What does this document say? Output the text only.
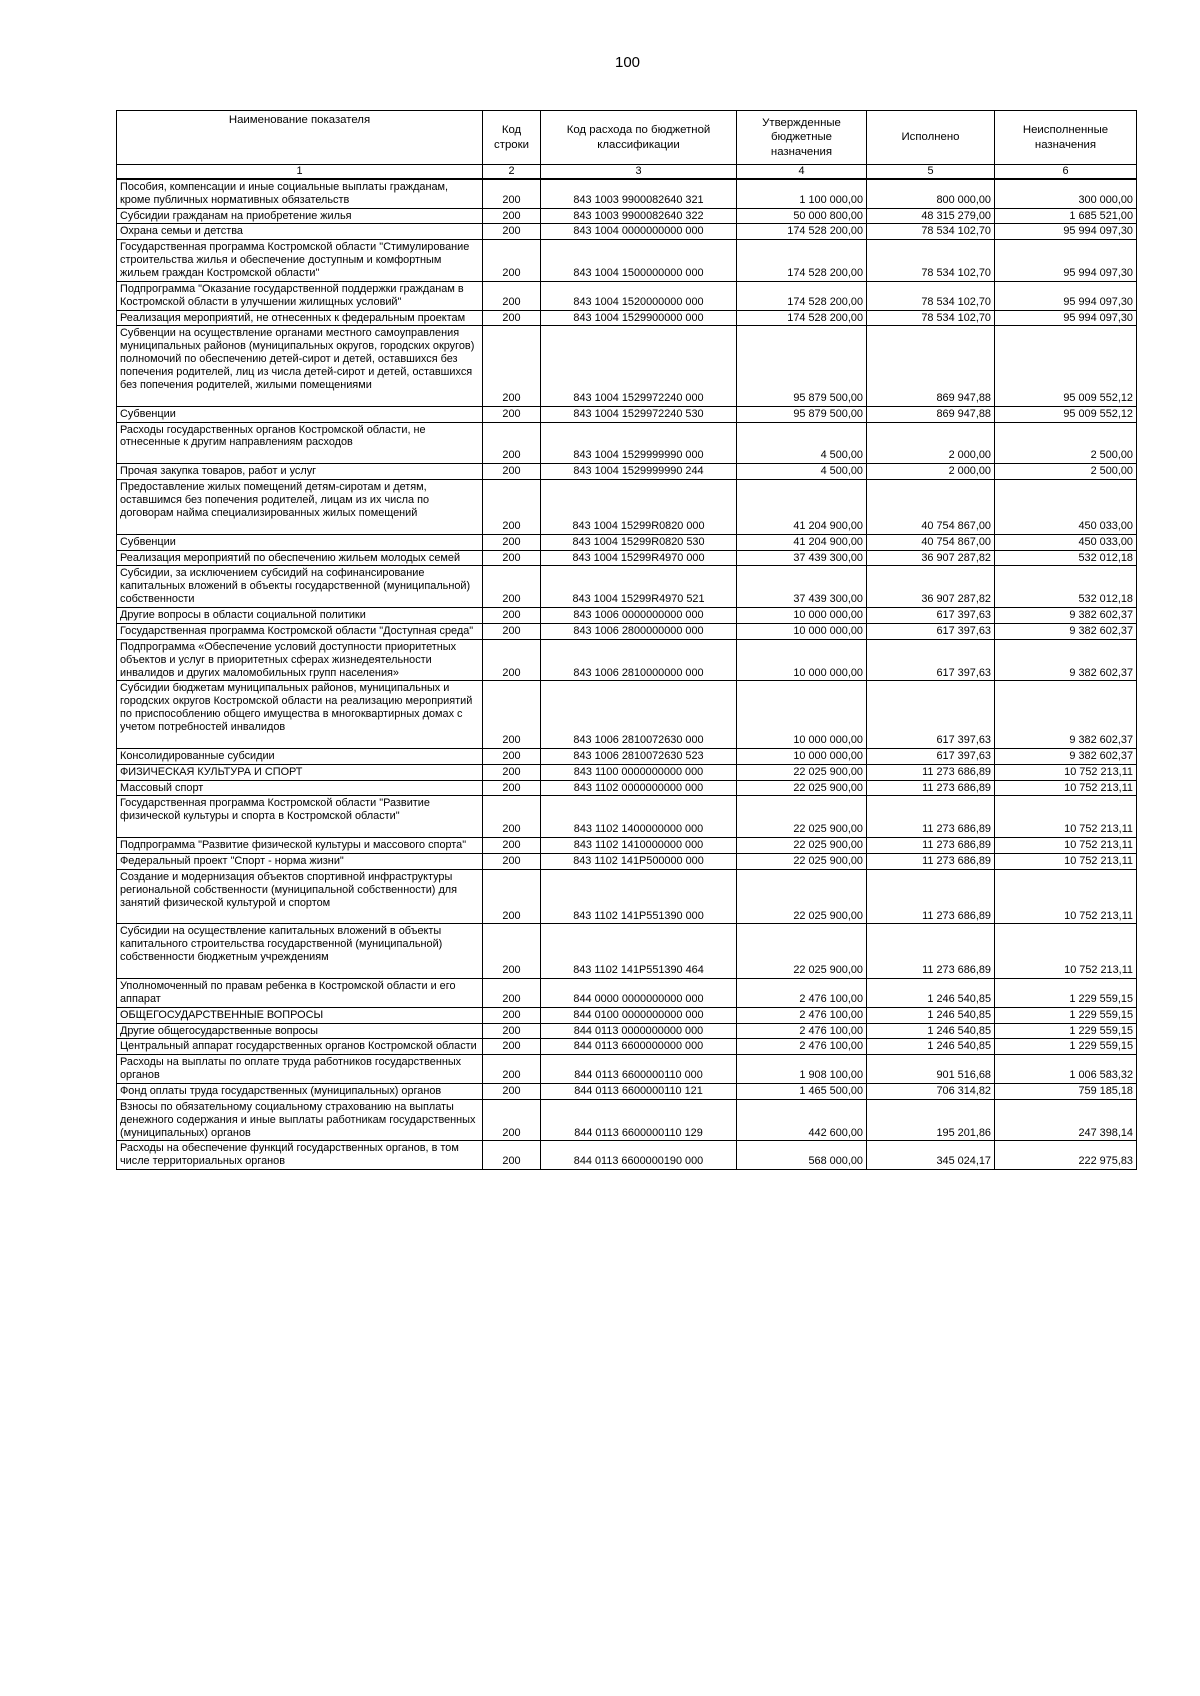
100
Наименование показателя	Код строки	Код расхода по бюджетной классификации	Утвержденные бюджетные назначения	Исполнено	Неисполненные назначения
1	2	3	4	5	6
Пособия, компенсации и иные социальные выплаты гражданам, кроме публичных нормативных обязательств	200	843 1003 9900082640 321	1 100 000,00	800 000,00	300 000,00
Субсидии гражданам на приобретение жилья	200	843 1003 9900082640 322	50 000 800,00	48 315 279,00	1 685 521,00
Охрана семьи и детства	200	843 1004 0000000000 000	174 528 200,00	78 534 102,70	95 994 097,30
Государственная программа Костромской области "Стимулирование строительства жилья и обеспечение доступным и комфортным жильем граждан Костромской области"	200	843 1004 1500000000 000	174 528 200,00	78 534 102,70	95 994 097,30
Подпрограмма "Оказание государственной поддержки гражданам в Костромской области в улучшении жилищных условий"	200	843 1004 1520000000 000	174 528 200,00	78 534 102,70	95 994 097,30
Реализация мероприятий, не отнесенных к федеральным проектам	200	843 1004 1529900000 000	174 528 200,00	78 534 102,70	95 994 097,30
Субвенции на осуществление органами местного самоуправления муниципальных районов (муниципальных округов, городских округов) полномочий по обеспечению детей-сирот и детей, оставшихся без попечения родителей, лиц из числа детей-сирот и детей, оставшихся без попечения родителей, жилыми помещениями	200	843 1004 1529972240 000	95 879 500,00	869 947,88	95 009 552,12
Субвенции	200	843 1004 1529972240 530	95 879 500,00	869 947,88	95 009 552,12
Расходы государственных органов Костромской области, не отнесенные к другим направлениям расходов	200	843 1004 1529999990 000	4 500,00	2 000,00	2 500,00
Прочая закупка товаров, работ и услуг	200	843 1004 1529999990 244	4 500,00	2 000,00	2 500,00
Предоставление жилых помещений детям-сиротам и детям, оставшимся без попечения родителей, лицам из их числа по договорам найма специализированных жилых помещений	200	843 1004 15299R0820 000	41 204 900,00	40 754 867,00	450 033,00
Субвенции	200	843 1004 15299R0820 530	41 204 900,00	40 754 867,00	450 033,00
Реализация мероприятий по обеспечению жильем молодых семей	200	843 1004 15299R4970 000	37 439 300,00	36 907 287,82	532 012,18
Субсидии, за исключением субсидий на софинансирование капитальных вложений в объекты государственной (муниципальной) собственности	200	843 1004 15299R4970 521	37 439 300,00	36 907 287,82	532 012,18
Другие вопросы в области социальной политики	200	843 1006 0000000000 000	10 000 000,00	617 397,63	9 382 602,37
Государственная программа Костромской области "Доступная среда"	200	843 1006 2800000000 000	10 000 000,00	617 397,63	9 382 602,37
Подпрограмма «Обеспечение условий доступности приоритетных объектов и услуг в приоритетных сферах жизнедеятельности инвалидов и других маломобильных групп населения»	200	843 1006 2810000000 000	10 000 000,00	617 397,63	9 382 602,37
Субсидии бюджетам муниципальных районов, муниципальных и городских округов Костромской области на реализацию мероприятий по приспособлению общего имущества в многоквартирных домах с учетом потребностей инвалидов	200	843 1006 2810072630 000	10 000 000,00	617 397,63	9 382 602,37
Консолидированные субсидии	200	843 1006 2810072630 523	10 000 000,00	617 397,63	9 382 602,37
ФИЗИЧЕСКАЯ КУЛЬТУРА И СПОРТ	200	843 1100 0000000000 000	22 025 900,00	11 273 686,89	10 752 213,11
Массовый спорт	200	843 1102 0000000000 000	22 025 900,00	11 273 686,89	10 752 213,11
Государственная программа Костромской области "Развитие физической культуры и спорта в Костромской области"	200	843 1102 1400000000 000	22 025 900,00	11 273 686,89	10 752 213,11
Подпрограмма "Развитие физической культуры и массового спорта"	200	843 1102 1410000000 000	22 025 900,00	11 273 686,89	10 752 213,11
Федеральный проект "Спорт - норма жизни"	200	843 1102 141P500000 000	22 025 900,00	11 273 686,89	10 752 213,11
Создание и модернизация объектов спортивной инфраструктуры региональной собственности (муниципальной собственности) для занятий физической культурой и спортом	200	843 1102 141P551390 000	22 025 900,00	11 273 686,89	10 752 213,11
Субсидии на осуществление капитальных вложений в объекты капитального строительства государственной (муниципальной) собственности бюджетным учреждениям	200	843 1102 141P551390 464	22 025 900,00	11 273 686,89	10 752 213,11
Уполномоченный по правам ребенка в Костромской области и его аппарат	200	844 0000 0000000000 000	2 476 100,00	1 246 540,85	1 229 559,15
ОБЩЕГОСУДАРСТВЕННЫЕ ВОПРОСЫ	200	844 0100 0000000000 000	2 476 100,00	1 246 540,85	1 229 559,15
Другие общегосударственные вопросы	200	844 0113 0000000000 000	2 476 100,00	1 246 540,85	1 229 559,15
Центральный аппарат государственных органов Костромской области	200	844 0113 6600000000 000	2 476 100,00	1 246 540,85	1 229 559,15
Расходы на выплаты по оплате труда работников государственных органов	200	844 0113 6600000110 000	1 908 100,00	901 516,68	1 006 583,32
Фонд оплаты труда государственных (муниципальных) органов	200	844 0113 6600000110 121	1 465 500,00	706 314,82	759 185,18
Взносы по обязательному социальному страхованию на выплаты денежного содержания и иные выплаты работникам государственных (муниципальных) органов	200	844 0113 6600000110 129	442 600,00	195 201,86	247 398,14
Расходы на обеспечение функций государственных органов, в том числе территориальных органов	200	844 0113 6600000190 000	568 000,00	345 024,17	222 975,83
